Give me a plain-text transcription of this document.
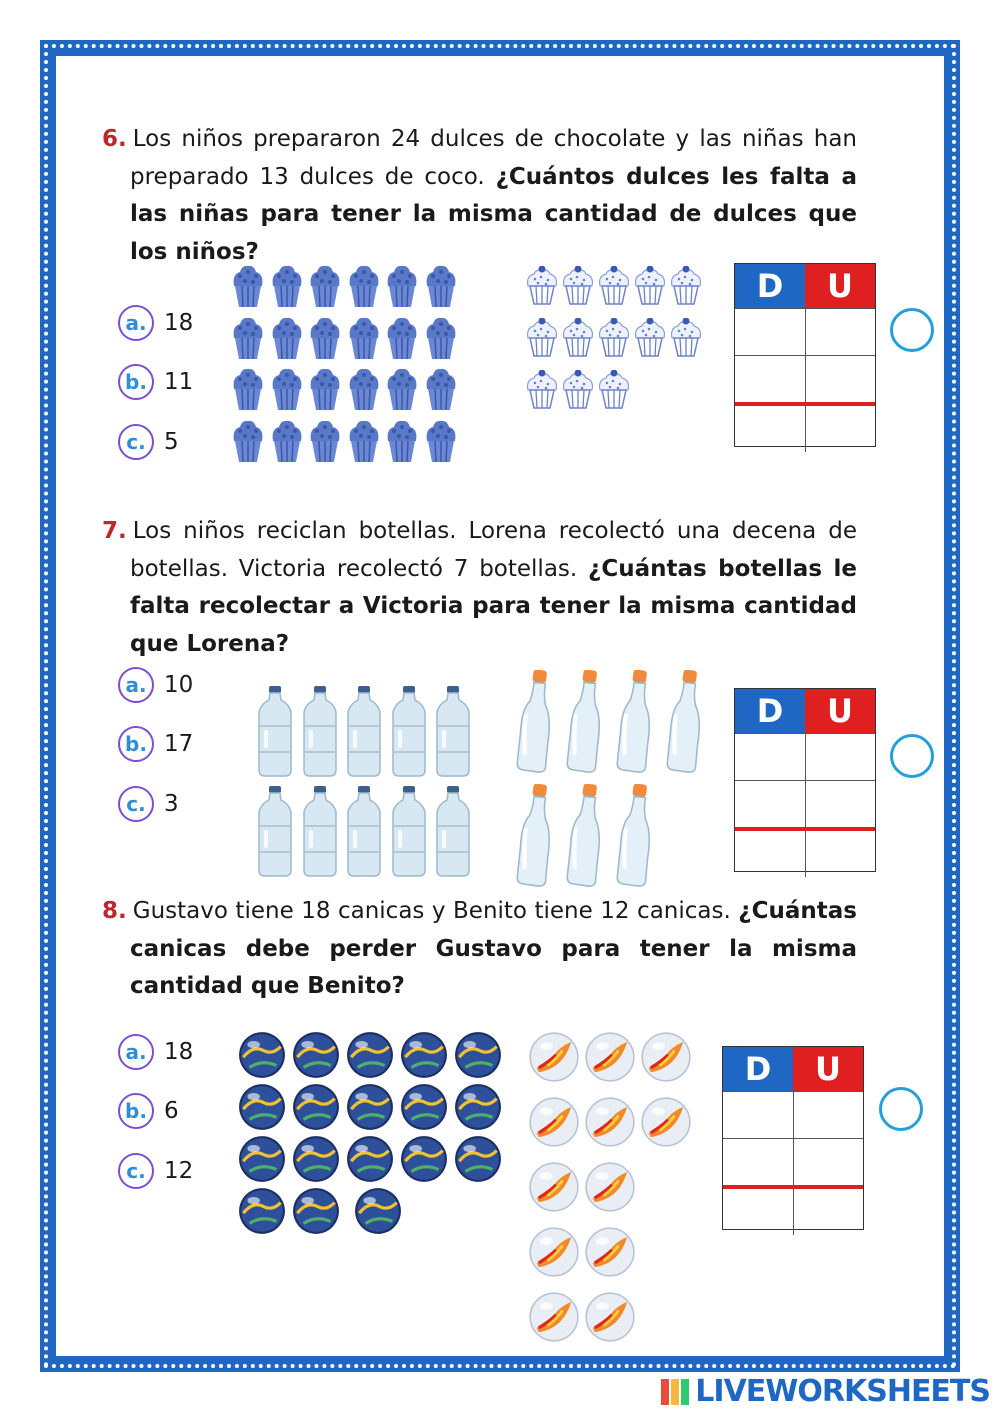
6. Los niños prepararon 24 dulces de chocolate y las niñas han preparado 13 dulces de coco. ¿Cuántos dulces les falta a las niñas para tener la misma cantidad de dulces que los niños?
a. 18
b. 11
c. 5
D	U
7. Los niños reciclan botellas. Lorena recolectó una decena de botellas. Victoria recolectó 7 botellas. ¿Cuántas botellas le falta recolectar a Victoria para tener la misma cantidad que Lorena?
a. 10
b. 17
c. 3
D	U
8. Gustavo tiene 18 canicas y Benito tiene 12 canicas. ¿Cuántas canicas debe perder Gustavo para tener la misma cantidad que Benito?
a. 18
b. 6
c. 12
D	U
LIVEWORKSHEETS
